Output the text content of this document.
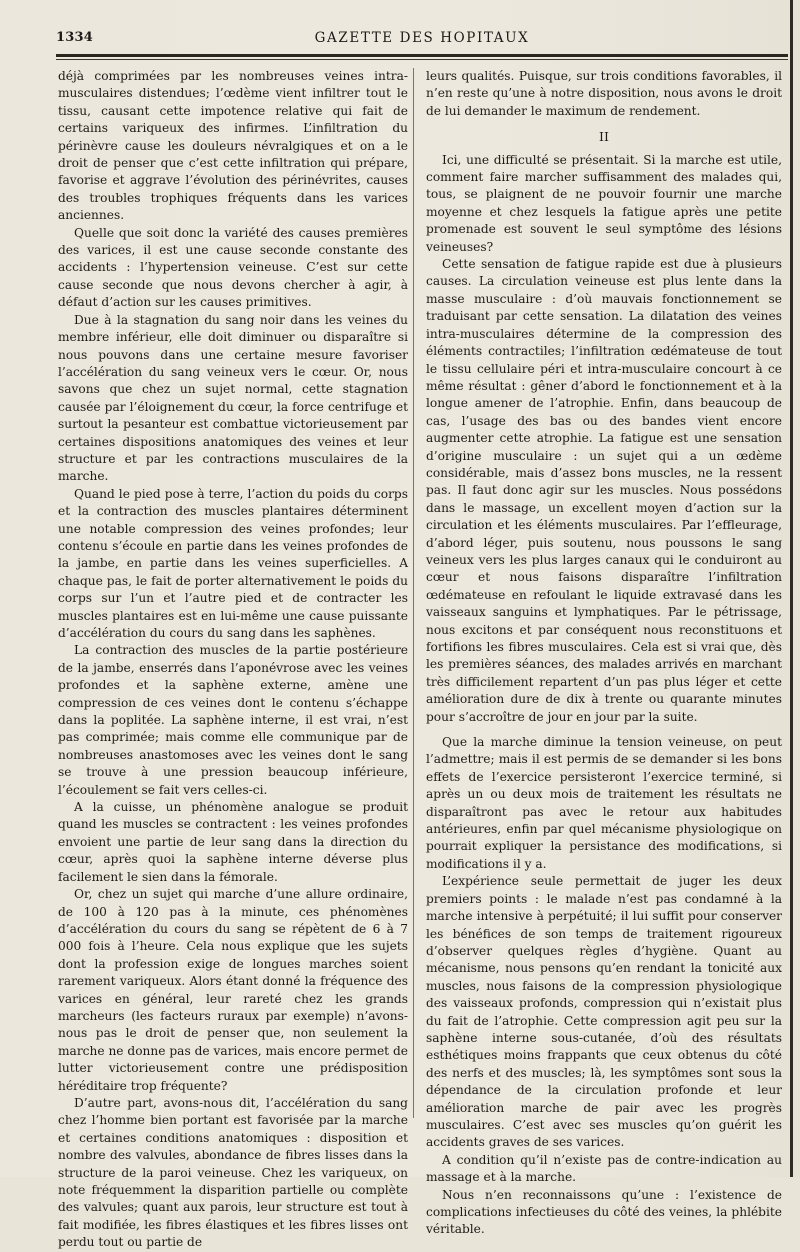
1334	GAZETTE DES HOPITAUX

déjà comprimées par les nombreuses veines intra-musculaires distendues; l’œdème vient infiltrer tout le tissu, causant cette impotence relative qui fait de certains variqueux des infirmes. L’infiltration du périnèvre cause les douleurs névralgiques et on a le droit de penser que c’est cette infiltration qui prépare, favorise et aggrave l’évolution des périnévrites, causes des troubles trophiques fréquents dans les varices anciennes.

Quelle que soit donc la variété des causes premières des varices, il est une cause seconde constante des accidents : l’hypertension veineuse. C’est sur cette cause seconde que nous devons chercher à agir, à défaut d’action sur les causes primitives.

Due à la stagnation du sang noir dans les veines du membre inférieur, elle doit diminuer ou disparaître si nous pouvons dans une certaine mesure favoriser l’accélération du sang veineux vers le cœur. Or, nous savons que chez un sujet normal, cette stagnation causée par l’éloignement du cœur, la force centrifuge et surtout la pesanteur est combattue victorieusement par certaines dispositions anatomiques des veines et leur structure et par les contractions musculaires de la marche.

Quand le pied pose à terre, l’action du poids du corps et la contraction des muscles plantaires déterminent une notable compression des veines profondes; leur contenu s’écoule en partie dans les veines profondes de la jambe, en partie dans les veines superficielles. A chaque pas, le fait de porter alternativement le poids du corps sur l’un et l’autre pied et de contracter les muscles plantaires est en lui-même une cause puissante d’accélération du cours du sang dans les saphènes.

La contraction des muscles de la partie postérieure de la jambe, enserrés dans l’aponévrose avec les veines profondes et la saphène externe, amène une compression de ces veines dont le contenu s’échappe dans la poplitée. La saphène interne, il est vrai, n’est pas comprimée; mais comme elle communique par de nombreuses anastomoses avec les veines dont le sang se trouve à une pression beaucoup inférieure, l’écoulement se fait vers celles-ci.

A la cuisse, un phénomène analogue se produit quand les muscles se contractent : les veines profondes envoient une partie de leur sang dans la direction du cœur, après quoi la saphène interne déverse plus facilement le sien dans la fémorale.

Or, chez un sujet qui marche d’une allure ordinaire, de 100 à 120 pas à la minute, ces phénomènes d’accélération du cours du sang se répètent de 6 à 7 000 fois à l’heure. Cela nous explique que les sujets dont la profession exige de longues marches soient rarement variqueux. Alors étant donné la fréquence des varices en général, leur rareté chez les grands marcheurs (les facteurs ruraux par exemple) n’avons-nous pas le droit de penser que, non seulement la marche ne donne pas de varices, mais encore permet de lutter victorieusement contre une prédisposition héréditaire trop fréquente?

D’autre part, avons-nous dit, l’accélération du sang chez l’homme bien portant est favorisée par la marche et certaines conditions anatomiques : disposition et nombre des valvules, abondance de fibres lisses dans la structure de la paroi veineuse. Chez les variqueux, on note fréquemment la disparition partielle ou complète des valvules; quant aux parois, leur structure est tout à fait modifiée, les fibres élastiques et les fibres lisses ont perdu tout ou partie de

leurs qualités. Puisque, sur trois conditions favorables, il n’en reste qu’une à notre disposition, nous avons le droit de lui demander le maximum de rendement.

II

Ici, une difficulté se présentait. Si la marche est utile, comment faire marcher suffisamment des malades qui, tous, se plaignent de ne pouvoir fournir une marche moyenne et chez lesquels la fatigue après une petite promenade est souvent le seul symptôme des lésions veineuses?

Cette sensation de fatigue rapide est due à plusieurs causes. La circulation veineuse est plus lente dans la masse musculaire : d’où mauvais fonctionnement se traduisant par cette sensation. La dilatation des veines intra-musculaires détermine de la compression des éléments contractiles; l’infiltration œdémateuse de tout le tissu cellulaire péri et intra-musculaire concourt à ce même résultat : gêner d’abord le fonctionnement et à la longue amener de l’atrophie. Enfin, dans beaucoup de cas, l’usage des bas ou des bandes vient encore augmenter cette atrophie. La fatigue est une sensation d’origine musculaire : un sujet qui a un œdème considérable, mais d’assez bons muscles, ne la ressent pas. Il faut donc agir sur les muscles. Nous possédons dans le massage, un excellent moyen d’action sur la circulation et les éléments musculaires. Par l’effleurage, d’abord léger, puis soutenu, nous poussons le sang veineux vers les plus larges canaux qui le conduiront au cœur et nous faisons disparaître l’infiltration œdémateuse en refoulant le liquide extravasé dans les vaisseaux sanguins et lymphatiques. Par le pétrissage, nous excitons et par conséquent nous reconstituons et fortifions les fibres musculaires. Cela est si vrai que, dès les premières séances, des malades arrivés en marchant très difficilement repartent d’un pas plus léger et cette amélioration dure de dix à trente ou quarante minutes pour s’accroître de jour en jour par la suite.

Que la marche diminue la tension veineuse, on peut l’admettre; mais il est permis de se demander si les bons effets de l’exercice persisteront l’exercice terminé, si après un ou deux mois de traitement les résultats ne disparaîtront pas avec le retour aux habitudes antérieures, enfin par quel mécanisme physiologique on pourrait expliquer la persistance des modifications, si modifications il y a.

L’expérience seule permettait de juger les deux premiers points : le malade n’est pas condamné à la marche intensive à perpétuité; il lui suffit pour conserver les bénéfices de son temps de traitement rigoureux d’observer quelques règles d’hygiène. Quant au mécanisme, nous pensons qu’en rendant la tonicité aux muscles, nous faisons de la compression physiologique des vaisseaux profonds, compression qui n’existait plus du fait de l’atrophie. Cette compression agit peu sur la saphène interne sous-cutanée, d’où des résultats esthétiques moins frappants que ceux obtenus du côté des nerfs et des muscles; là, les symptômes sont sous la dépendance de la circulation profonde et leur amélioration marche de pair avec les progrès musculaires. C’est avec ses muscles qu’on guérit les accidents graves de ses varices.

A condition qu’il n’existe pas de contre-indication au massage et à la marche.

Nous n’en reconnaissons qu’une : l’existence de complications infectieuses du côté des veines, la phlébite véritable.
